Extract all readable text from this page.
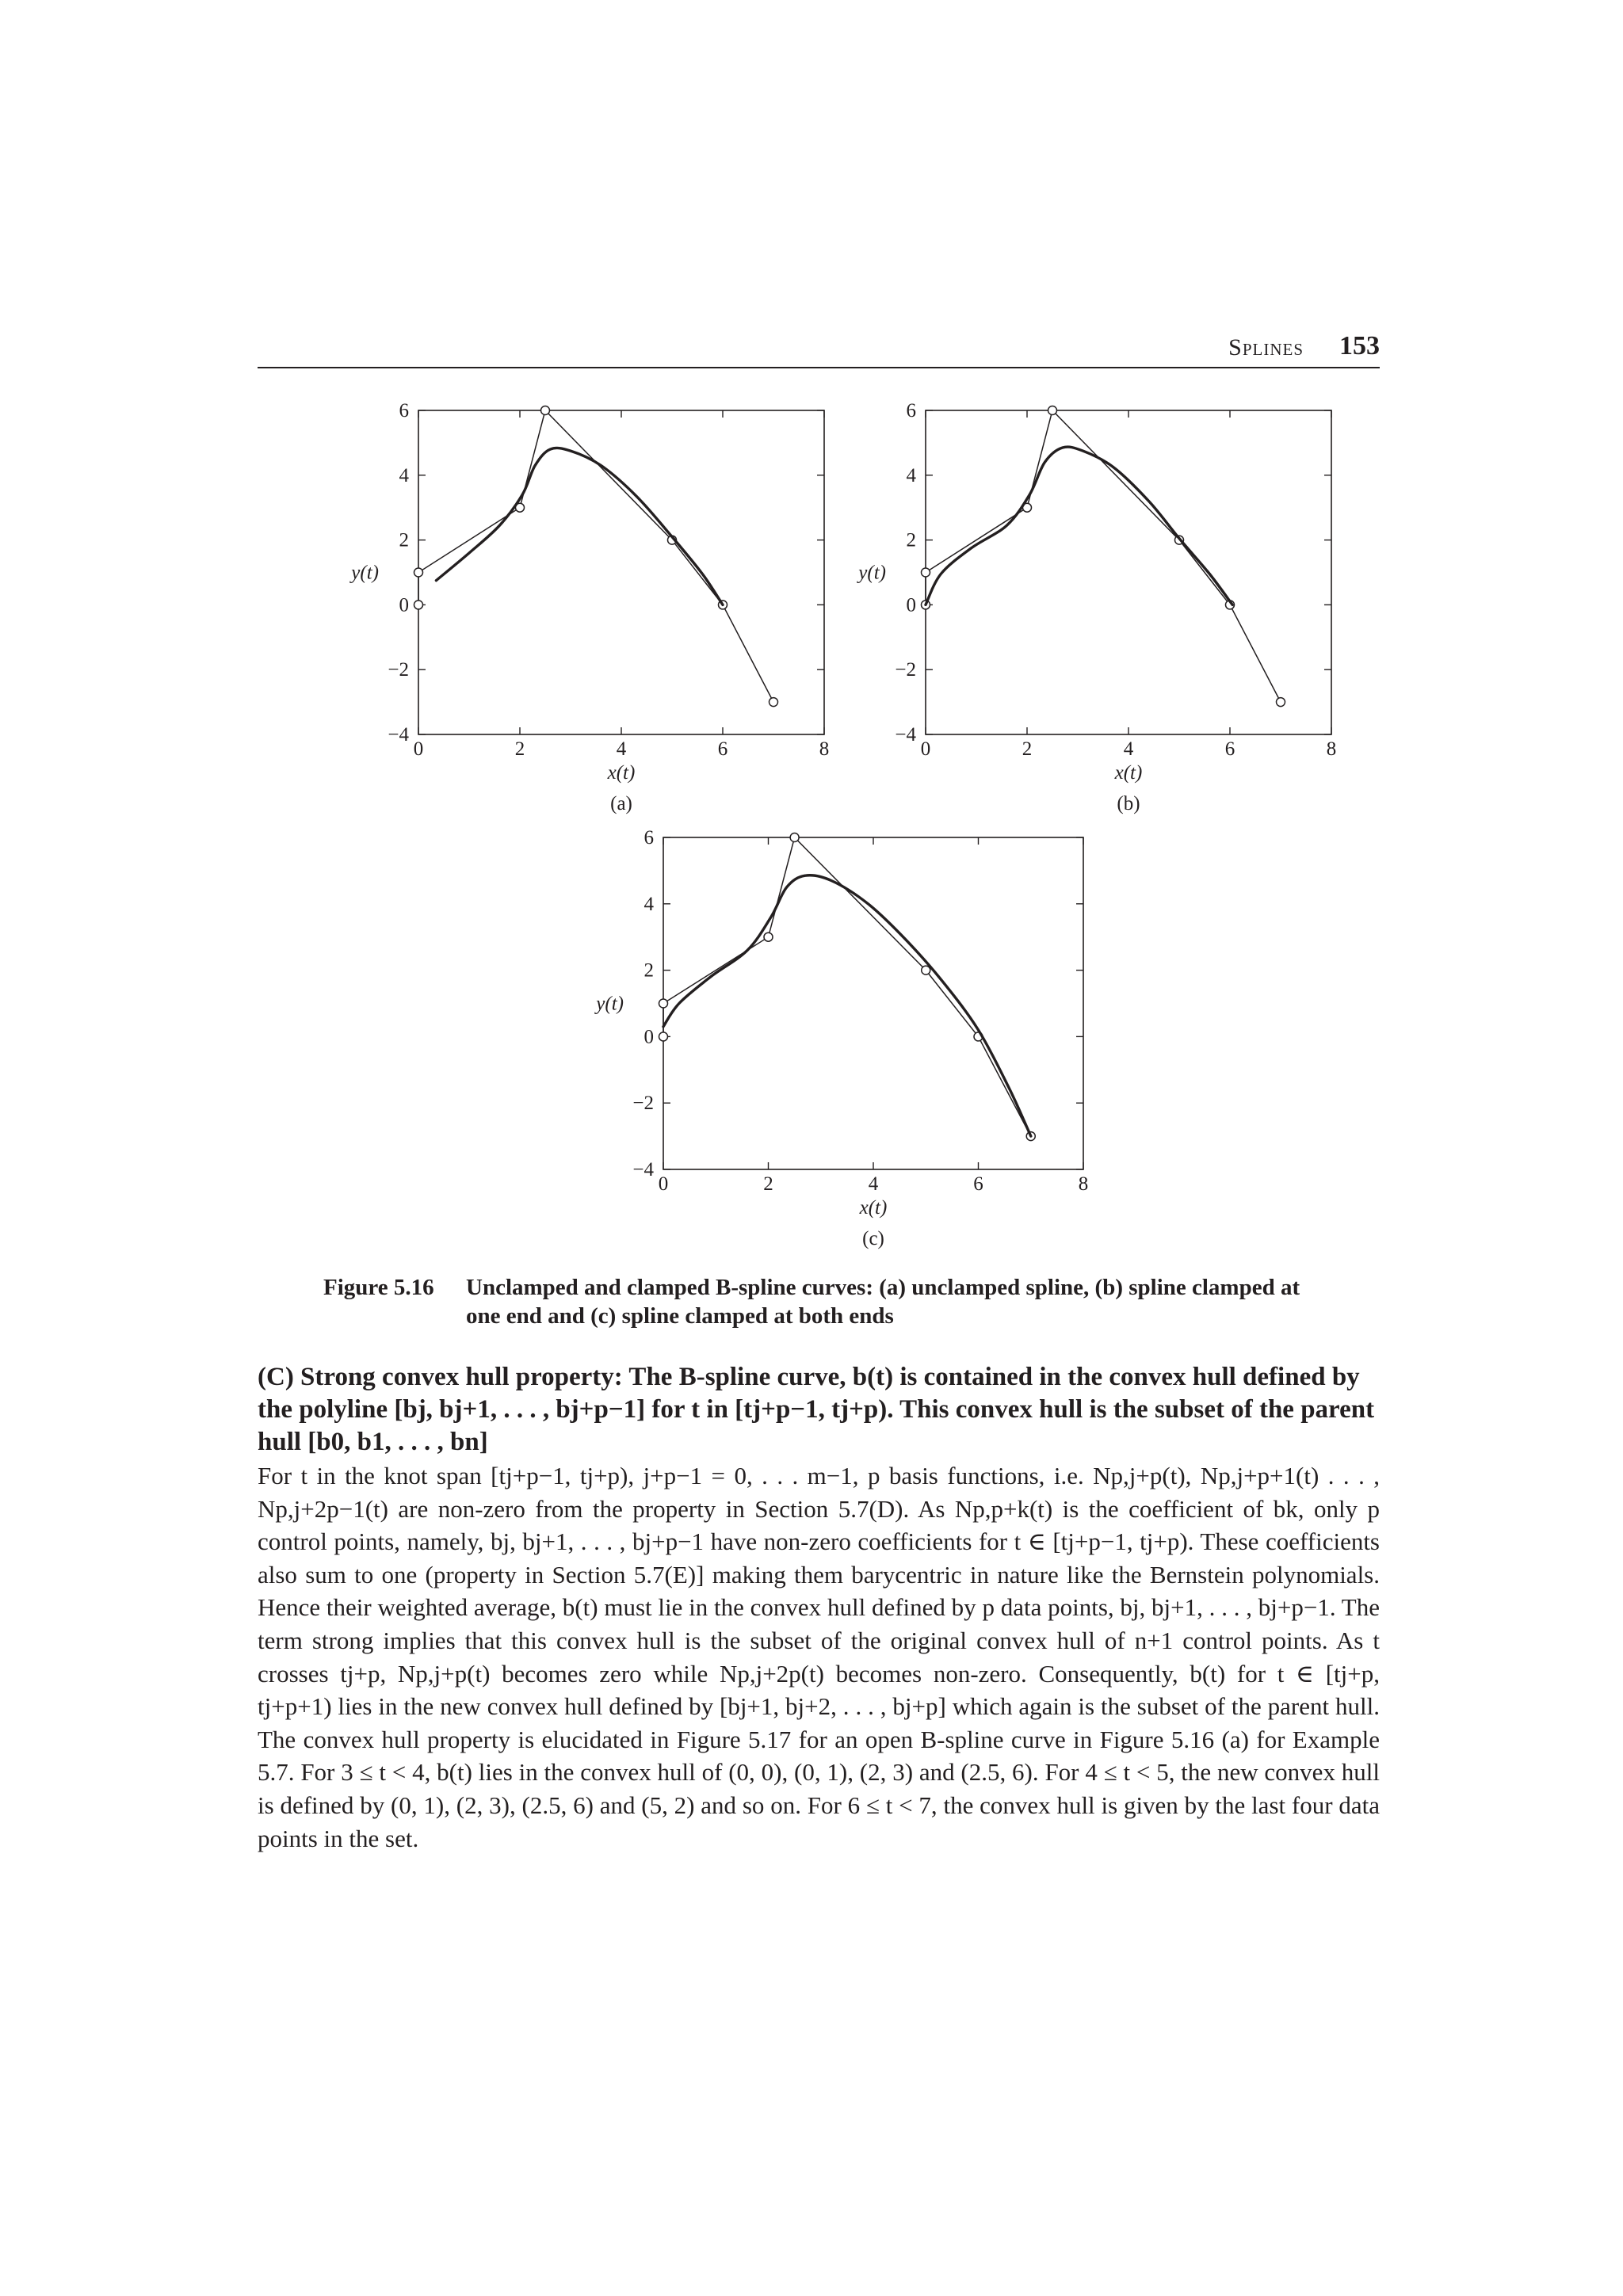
Splines 153
0	2	4	6	8
6
4
2
0
−2
−4
x(t)
y(t)
(a)
0	2	4	6	8
6
4
2
0
−2
−4
x(t)
y(t)
(b)
0	2	4	6	8
6
4
2
0
−2
−4
x(t)
y(t)
(c)
Figure 5.16 Unclamped and clamped B-spline curves: (a) unclamped spline, (b) spline clamped at one end and (c) spline clamped at both ends
(C) Strong convex hull property: The B-spline curve, b(t) is contained in the convex hull defined by the polyline [bj, bj+1, . . . , bj+p−1] for t in [tj+p−1, tj+p). This convex hull is the subset of the parent hull [b0, b1, . . . , bn]

For t in the knot span [tj+p−1, tj+p), j+p−1 = 0, . . . m−1, p basis functions, i.e. Np,j+p(t), Np,j+p+1(t) . . . , Np,j+2p−1(t) are non-zero from the property in Section 5.7(D). As Np,p+k(t) is the coefficient of bk, only p control points, namely, bj, bj+1, . . . , bj+p−1 have non-zero coefficients for t ∈ [tj+p−1, tj+p). These coefficients also sum to one (property in Section 5.7(E)] making them barycentric in nature like the Bernstein polynomials. Hence their weighted average, b(t) must lie in the convex hull defined by p data points, bj, bj+1, . . . , bj+p−1. The term strong implies that this convex hull is the subset of the original convex hull of n+1 control points. As t crosses tj+p, Np,j+p(t) becomes zero while Np,j+2p(t) becomes non-zero. Consequently, b(t) for t ∈ [tj+p, tj+p+1) lies in the new convex hull defined by [bj+1, bj+2, . . . , bj+p] which again is the subset of the parent hull. The convex hull property is elucidated in Figure 5.17 for an open B-spline curve in Figure 5.16 (a) for Example 5.7. For 3 ≤ t < 4, b(t) lies in the convex hull of (0, 0), (0, 1), (2, 3) and (2.5, 6). For 4 ≤ t < 5, the new convex hull is defined by (0, 1), (2, 3), (2.5, 6) and (5, 2) and so on. For 6 ≤ t < 7, the convex hull is given by the last four data points in the set.
